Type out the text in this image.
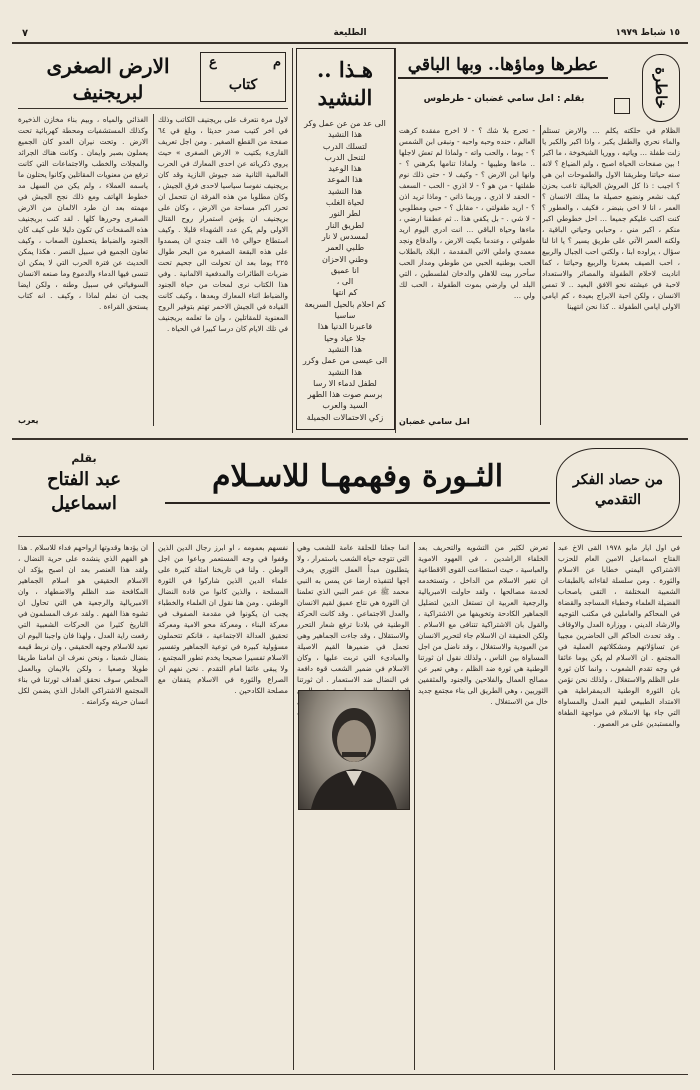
١٥ شباط ١٩٧٩
الطليعة
٧
خاطرة
عطرها وماؤها.. وبها الباقي
بقلم : امل سامي غضبان - طرطوس
الظلام في حلكته يكلم … والارض تستلم والماء نحري والطفل يكبر ، واذا اكبر والكبر يا زلت طفلة … وياتيه ، ووريا الشيخوخة ، ما اكبر ! بين صفحات الحياة اصبح ، ولم الضياع ؟ لانه سنه حياتنا وطريقنا الاول والطموحات ابن هي ؟ اجيب : ذا كل العروش الخيالية تاعب بحزن كيف نشعر ونضيع حصيلة ما يملك الانسان ؟ العمر ، انا لا اخي بنبضر ، فكيف ، والعطور ؟ كنت اكتب عليكم جميعا … احل خطوطي اكبر منكم ، اكبر مني ، وحبابي وحياتي الباقية ، ولكنه العمر الآتي على طريق يسير ؟ يا انا لنا سؤال ، يراوده ابنا ، ولكني احب الجبال والربيع ، احب الصيف بعمرنا والربيع وحياتنا ، كما اناديت لاحلام الطفولة والمصائر والاستعداد لاحبة في عيشته نحو الافق البعيد .. لا تمس الانسان ، ولكن احبة الابراج بعيدة ، كم ايامي الاولى ايامي الطفولة .. كذا نحن انتهينا
- تحرج بلا شك ؟ - لا اخرج مفقدة كرهت العالم ، حنده وحبه واحبه - ونبقى ابن الشمس ؟ - يوما ، والحب واته - ولماذا لم تعش لاجلها .. ماءها وطيبها - ولماذا تنامها بكرهني ؟ - وانها ابن الارض ؟ - وكيف لا - حتى ذلك نوم طفلتها - من هو ؟ - لا اذري - الحب - السعف - الحقد لا اذري ، وربما ذاتي - وماذا تريد اذن ؟ - اريد طفولتي ، - مقابل ؟ - حبي ومطلوبي - لا شي . - بل يكفي هذا .. ثم عطفنا ارضي ، ماءها وحياة الباقي … انت ادري اليوم اريد طفولتي ، وعندما بكيت الارض ، والدفاع ونجد معمدي واملي الاتي المقدمة ، البلاد بالطلاب الحب بوطنيه الحبي من طوطي ومدار الحب سأحرر بيت للاهلي والدخان لفلسطين ، التي البلد لي وارضي بموت الطفولة ، الحب لك ولي …
امل سامي غضبان
هـذا .. النشيد
الى عد من عن عمل وكر
هذا النشيد
لتسلك الدرب
لتنحل الدرب
هذا الوعيد
هذا الموعد
هذا النشيد
لحياة الغلب
لطر النور
لطريق النار
لمسدس لا نار
طلبي العمر
وطني الاحزان
انا عميق
الى ،
كم انتها
كم احلام بالحيل السريعة
ساسيا
فاعبرنا الدنيا هذا
جلا عياد وحيا
هذا النشيد
الى عيسى من عمل وكرر
هذا النشيد
لطفل لدماء الا رسا
برسم صوت هذا الطهر
السيد والعرب
زكي الاحتمالات الجميلة
م
ع
كتاب
الارض الصغرى
لبريجنيف
لاول مرة نتعرف على بريجنيف الكاتب وذلك في اخر كتيب صدر حديثا ، وبلغ في ٦٤ صفحة من القطع الصغير . ومن اجل تعريف القارىء بكتيب « الارض الصغرى » حيث يروي ذكرياته عن احدى المعارك في الحرب العالمية الثانية ضد جيوش النازية وقد كان بريجنيف نفوسا سياسيا لاحدى فرق الجيش ، وكان مطلوبا من هذه الفرقة ان تتحمل ان تحرر اكبر مساحة من الارض ، وكان على بريجنيف ان يؤمن استمرار روح القتال الاولى ولم يكن عدد الشهداء قليلا . وكيف استطاع حوالي ١٥ الف جندي ان يصمدوا على هذه البقعة الصغيرة من البحر طوال ٢٢٥ يوما بعد ان تحولت الى جحيم تحت ضربات الطائرات والمدفعية الالمانية . وفي هذا الكتاب نرى لمحات من حياة الجنود والضباط اثناء المعارك وبعدها ، وكيف كانت القيادة في الجيش الاحمر تهتم بتوفير الروح المعنوية للمقاتلين ، وان ما تعلمه بريجنيف في تلك الايام كان درسا كبيرا في الحياة .
الغذائي والمياه ، وبيم بناء مخازن الذخيرة وكذلك المستشفيات ومحطة كهربائية تحت الارض . وتحت نيران العدو كان الجميع يعملون بصبر وايمان . وكانت هناك الجرائد والمجلات والخطب والاجتماعات التي كانت ترفع من معنويات المقاتلين وكانوا يحتلون ما ياسمه العملاء ، ولم يكن من السهل مد خطوط الهاتف ومع ذلك نجح الجيش في مهمته بعد ان طرد الالمان من الارض الصغرى وحررها كلها . لقد كتب بريجنيف هذه الصفحات كي تكون دليلا على كيف كان الجنود والضباط يتحملون الصعاب ، وكيف تعاون الجميع في سبيل النصر . هكذا يمكن الحديث عن فترة الحرب التي لا يمكن ان تنسى فيها الدماء والدموع وما صنعه الانسان السوفياتي في سبيل وطنه ، ولكن ايضا يجب ان نعلم لماذا ، وكيف . انه كتاب يستحق القراءة .
يعرب
من حصاد الفكر التقدمي
الثـورة وفهمهـا للاسـلام
بقلم
عبد الفتاح اسماعيل
في اول ايار مايو ١٩٧٨ القى الاخ عبد الفتاح اسماعيل الامين العام للحزب الاشتراكي اليمني خطابا عن الاسلام والثورة . ومن سلسلة لقاءاته بالطبقات الشعبية المختلفة ، التقى باصحاب الفضيلة العلماء وخطباء المساجد والقضاة في المحاكم والعاملين في مكتب التوجيه والارشاد الديني ، ووزارة العدل والاوقاف . وقد تحدث الحاكم الى الحاضرين مجيبا عن تساؤلاتهم ومشكلاتهم العملية في المجتمع . ان الاسلام لم يكن يوما عائقا في وجه تقدم الشعوب ، وانما كان ثورة على الظلم والاستغلال ، ولذلك نحن نؤمن بان الثورة الوطنية الديمقراطية هي الامتداد الطبيعي لقيم العدل والمساواة التي جاء بها الاسلام في مواجهة الطغاة والمستبدين على مر العصور .
تعرض لكثير من التشويه والتحريف بعد الخلفاء الراشدين ، في العهود الاموية والعباسية ، حيث استطاعت القوى الاقطاعية ان تغير الاسلام من الداخل ، وتستخدمه لخدمة مصالحها ، ولقد حاولت الامبريالية والرجعية العربية ان تستغل الدين لتضليل الجماهير الكادحة وتخويفها من الاشتراكية ، والقول بان الاشتراكية تتنافى مع الاسلام . ولكن الحقيقة ان الاسلام جاء لتحرير الانسان من العبودية والاستغلال ، وقد ناضل من اجل المساواة بين الناس ، ولذلك نقول ان ثورتنا الوطنية هي ثورة ضد الظلم ، وهي تعبر عن مصالح العمال والفلاحين والجنود والمثقفين الثوريين ، وهي الطريق الى بناء مجتمع جديد خال من الاستغلال .
انما جعلنا للحلقة عامة للشعب وهي التي تتوجه حياة الشعب باستمرار ، ولا يتطلبون مبدأ العمل الثوري يعرف اجها لتنفيذه ارضا عن يمس به النبي محمد ﷺ عن عمر النبي الذي تعلمنا ان الثورة هي نتاج عميق لقيم الانسان والعدل الاجتماعي . وقد كانت الحركة الوطنية في بلادنا ترفع شعار التحرر والاستقلال ، وقد جاءت الجماهير وهي تحمل في ضميرها القيم الاصيلة والمبادىء التي تربت عليها ، وكان الاسلام في ضمير الشعب قوة دافعة في النضال ضد الاستعمار . ان ثورتنا
نفسهم بعمومه ، او ابرز رجال الدين الذين وقفوا في وجه المستعمر وباعوا من اجل الوطن . ولنا في تاريخنا امثلة كثيرة على علماء الدين الذين شاركوا في الثورة المسلحة ، والذين كانوا من قادة النضال الوطني . ومن هنا نقول ان العلماء والخطباء يجب ان يكونوا في مقدمة الصفوف في معركة البناء ، ومعركة محو الامية ومعركة تحقيق العدالة الاجتماعية ، فانكم تتحملون مسؤولية كبيرة في توعية الجماهير وتفسير الاسلام تفسيرا صحيحا يخدم تطور المجتمع ، ولا يبقى عائقا امام التقدم . نحن نفهم ان الصراع والثورة في الاسلام يتفقان مع مصلحة الكادحين .
ان يؤدها وقدوتها ارواحهم فداء للاسلام . هذا هو الفهم الذي ينشده على حرية النضال ، ولقد هذا العنصر بعد ان اصبح يؤكد ان الاسلام الحقيقي هو اسلام الجماهير المكافحة ضد الظلم والاضطهاد ، وان الامبريالية والرجعية هي التي تحاول ان تشوه هذا الفهم . ولقد عرف المسلمون في التاريخ كثيرا من الحركات الشعبية التي رفعت راية العدل ، ولهذا فان واجبنا اليوم ان نعيد للاسلام وجهه الحقيقي ، وان نربط قيمه بنضال شعبنا ، ونحن نعرف ان امامنا طريقا طويلا وصعبا ، ولكن بالايمان وبالعمل المخلص سوف نحقق اهداف ثورتنا في بناء المجتمع الاشتراكي العادل الذي يضمن لكل انسان حريته وكرامته .
